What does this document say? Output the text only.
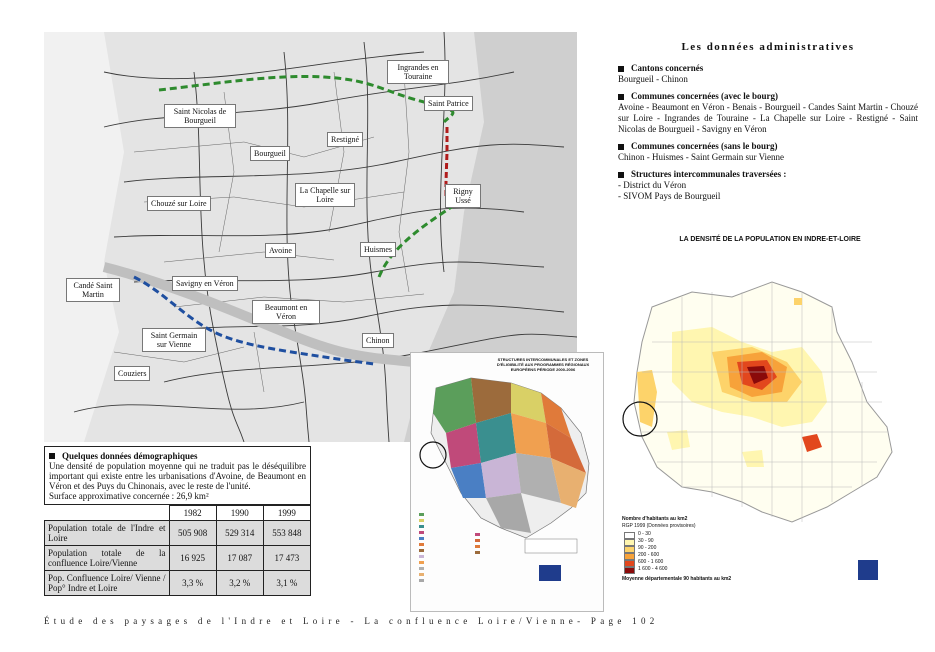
Ingrandes en Touraine
Saint Patrice
Saint Nicolas de Bourgueil
Restigné
Bourgueil
Rigny Ussé
La Chapelle sur Loire
Chouzé sur Loire
Avoine	Huismes
Candé Saint Martin
Savigny en Véron
Beaumont en Véron
Saint Germain sur Vienne	Chinon
Couziers
Les données administratives
Cantons concernés

Bourgueil - Chinon

Communes concernées (avec le bourg)

Avoine - Beaumont en Véron - Benais - Bourgueil - Candes Saint Martin - Chouzé sur Loire - Ingrandes de Touraine - La Chapelle sur Loire - Restigné - Saint Nicolas de Bourgueil - Savigny en Véron

Communes concernées (sans le bourg)

Chinon - Huismes - Saint Germain sur Vienne

Structures intercommunales traversées :

- District du Véron
- SIVOM Pays de Bourgueil

LA DENSITÉ DE LA POPULATION EN INDRE-ET-LOIRE
Nombre d'habitants au km2
RGP 1999 (Données provisoires)
0 - 30
30 - 90
90 - 200
200 - 600
600 - 1 600
1 600 - 4 600
Moyenne départementale 90 habitants au km2
STRUCTURES INTERCOMMUNALES ET ZONES D'ÉLIGIBILITÉ AUX PROGRAMMES RÉGIONAUX EUROPÉENS PÉRIODE 2000-2006
Quelques données démographiques
Une densité de population moyenne qui ne traduit pas le déséquilibre important qui existe entre les urbanisations d'Avoine, de Beaumont en Véron et des Puys du Chinonais, avec le reste de l'unité.
Surface approximative concernée : 26,9 km²
	1982	1990	1999
Population totale de l'Indre et Loire	505 908	529 314	553 848
Population totale de la confluence Loire/Vienne	16 925	17 087	17 473
Pop. Confluence Loire/ Vienne / Pop° Indre et Loire	3,3 %	3,2 %	3,1 %
Étude des paysages de l'Indre et Loire - La confluence Loire/Vienne- Page 102
